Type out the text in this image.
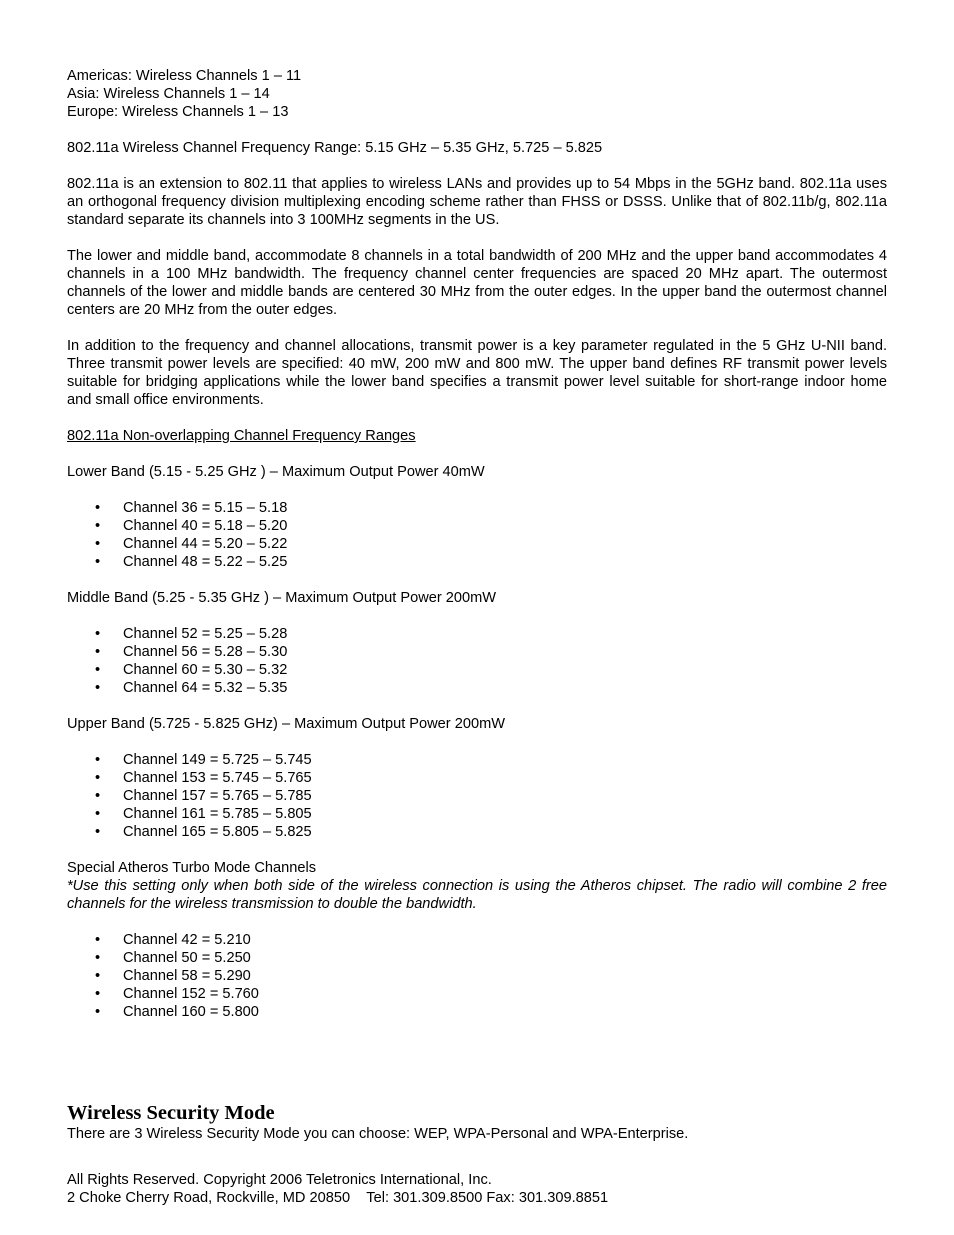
Americas: Wireless Channels 1 – 11

Asia: Wireless Channels 1 – 14

Europe: Wireless Channels 1 – 13

802.11a Wireless Channel Frequency Range: 5.15 GHz – 5.35 GHz, 5.725 – 5.825

802.11a is an extension to 802.11 that applies to wireless LANs and provides up to 54 Mbps in the 5GHz band. 802.11a uses an orthogonal frequency division multiplexing encoding scheme rather than FHSS or DSSS. Unlike that of 802.11b/g, 802.11a standard separate its channels into 3 100MHz segments in the US.

The lower and middle band, accommodate 8 channels in a total bandwidth of 200 MHz and the upper band accommodates 4 channels in a 100 MHz bandwidth. The frequency channel center frequencies are spaced 20 MHz apart. The outermost channels of the lower and middle bands are centered 30 MHz from the outer edges. In the upper band the outermost channel centers are 20 MHz from the outer edges.

In addition to the frequency and channel allocations, transmit power is a key parameter regulated in the 5 GHz U-NII band. Three transmit power levels are specified: 40 mW, 200 mW and 800 mW. The upper band defines RF transmit power levels suitable for bridging applications while the lower band specifies a transmit power level suitable for short-range indoor home and small office environments.

802.11a Non-overlapping Channel Frequency Ranges

Lower Band (5.15 - 5.25 GHz ) – Maximum Output Power 40mW

• Channel 36 = 5.15 – 5.18
• Channel 40 = 5.18 – 5.20
• Channel 44 = 5.20 – 5.22
• Channel 48 = 5.22 – 5.25

Middle Band (5.25 - 5.35 GHz ) – Maximum Output Power 200mW

• Channel 52 = 5.25 – 5.28
• Channel 56 = 5.28 – 5.30
• Channel 60 = 5.30 – 5.32
• Channel 64 = 5.32 – 5.35

Upper Band (5.725 - 5.825 GHz) – Maximum Output Power 200mW

• Channel 149 = 5.725 – 5.745
• Channel 153 = 5.745 – 5.765
• Channel 157 = 5.765 – 5.785
• Channel 161 = 5.785 – 5.805
• Channel 165 = 5.805 – 5.825

Special Atheros Turbo Mode Channels

*Use this setting only when both side of the wireless connection is using the Atheros chipset. The radio will combine 2 free channels for the wireless transmission to double the bandwidth.

• Channel 42 = 5.210
• Channel 50 = 5.250
• Channel 58 = 5.290
• Channel 152 = 5.760
• Channel 160 = 5.800
Wireless Security Mode

There are 3 Wireless Security Mode you can choose: WEP, WPA-Personal and WPA-Enterprise.

All Rights Reserved. Copyright 2006 Teletronics International, Inc.

2 Choke Cherry Road, Rockville, MD 20850    Tel: 301.309.8500 Fax: 301.309.8851
